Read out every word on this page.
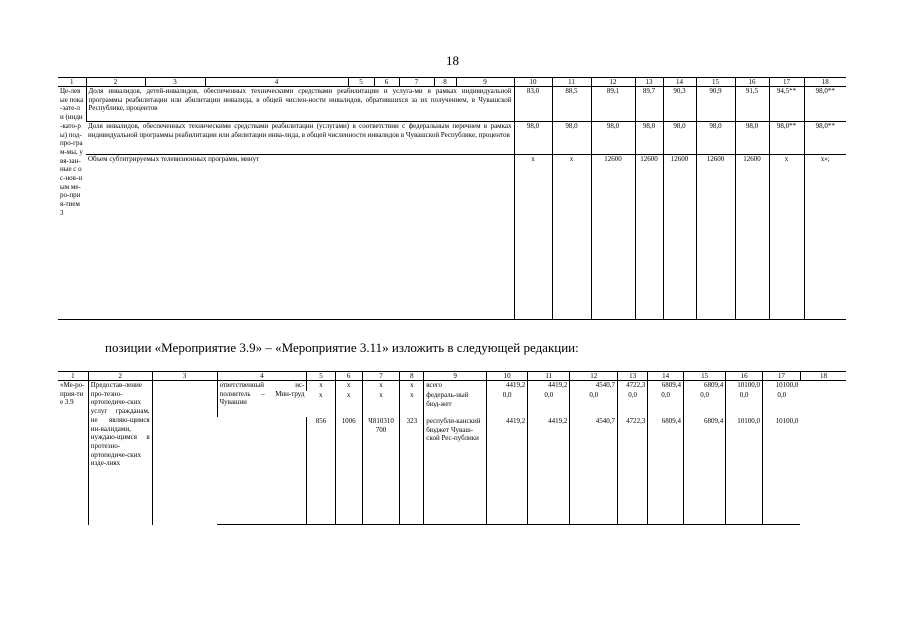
18
1	2	3	4	5	6	7	8	9	10	11	12	13	14	15	16	17	18
Це-левые пока-зате-ли (инди-като-ры) под-про-грам-мы, увя-зан-ные с ос-нов-ным ме-ро-прия-тием 3	Доля инвалидов, детей-инвалидов, обеспеченных техническими средствами реабилитации и услуга-ми в рамках индивидуальной программы реабилитации или абилитации инвалида, в общей числен-ности инвалидов, обратившихся за их получением, в Чувашской Республике, процентов								83,0	88,5	89,1	89,7	90,3	90,9	91,5	94,5**	98,0**
	Доля инвалидов, обеспеченных техническими средствами реабилитации (услугами) в соответствии с федеральным перечнем в рамках индивидуальной программы реабилитации или абилитации инва-лида, в общей численности инвалидов в Чувашской Республике, процентов								98,0	98,0	98,0	98,0	98,0	98,0	98,0	98,0**	98,0**
	Объем субтитрируемых телевизионных программ, минут								х	х	12600	12600	12600	12600	12600	х	х»;
позиции «Мероприятие 3.9» – «Мероприятие 3.11» изложить в следующей редакции:
1	2	3	4	5	6	7	8	9	10	11	12	13	14	15	16	17	18
«Ме-ро-прия-тие 3.9	Предостав-ление про-тезно-ортопедиче-ских услуг гражданам, не являю-щимся ин-валидами, нуждаю-щимся в протезно-ортопедиче-ских изде-лиях		ответственный ис-полнитель – Мин-труд Чувашии	х	х	х	х	всего	4419,2	4419,2	4540,7	4722,3	6809,4	6809,4	10100,0	10100,0	
				х	х	х	х	федераль-ный бюд-жет	0,0	0,0	0,0	0,0	0,0	0,0	0,0	0,0	
				856	1006	Ч810310 700	323	республи-канский бюджет Чуваш-ской Рес-публики	4419,2	4419,2	4540,7	4722,3	6809,4	6809,4	10100,0	10100,0	
